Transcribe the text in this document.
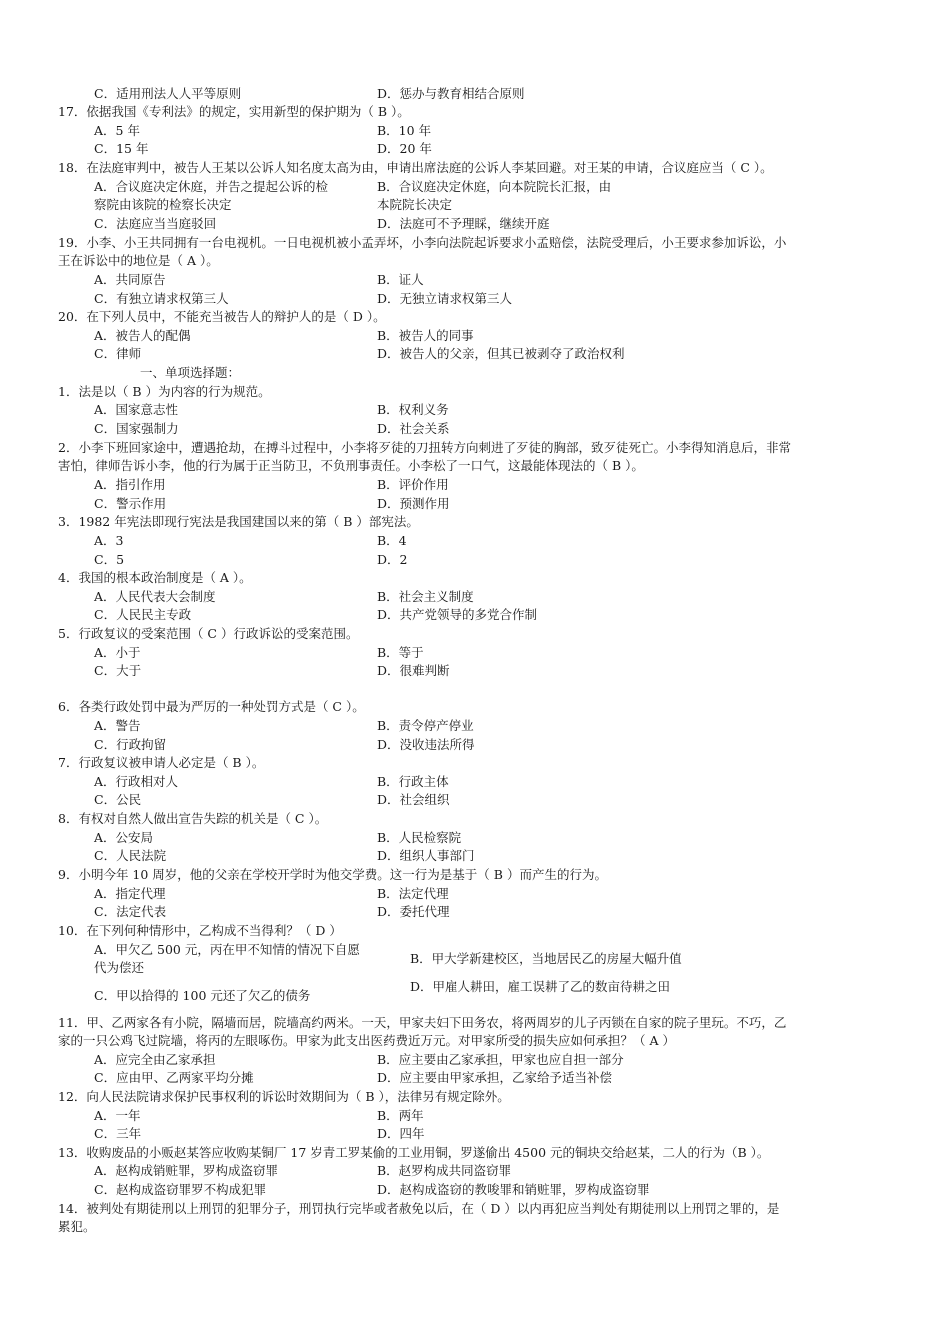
C．适用刑法人人平等原则	D．惩办与教育相结合原则
17．依据我国《专利法》的规定，实用新型的保护期为（ B ）。
A．5 年	B．10 年
C．15 年	D．20 年
18．在法庭审判中，被告人王某以公诉人知名度太高为由，申请出席法庭的公诉人李某回避。对王某的申请，合议庭应当（ C ）。
A．合议庭决定休庭，并告之提起公诉的检	B．合议庭决定休庭，向本院院长汇报，由
察院由该院的检察长决定	本院院长决定
C．法庭应当当庭驳回	D．法庭可不予理睬，继续开庭
19．小李、小王共同拥有一台电视机。一日电视机被小孟弄坏，小李向法院起诉要求小孟赔偿，法院受理后，小王要求参加诉讼，小
王在诉讼中的地位是（ A ）。
A．共同原告	B．证人
C．有独立请求权第三人	D．无独立请求权第三人
20．在下列人员中，不能充当被告人的辩护人的是（ D ）。
A．被告人的配偶	B．被告人的同事
C．律师	D．被告人的父亲，但其已被剥夺了政治权利
一、单项选择题：
1．法是以（ B ）为内容的行为规范。
A．国家意志性	B．权利义务
C．国家强制力	D．社会关系
2．小李下班回家途中，遭遇抢劫，在搏斗过程中，小李将歹徒的刀扭转方向刺进了歹徒的胸部，致歹徒死亡。小李得知消息后，非常
害怕，律师告诉小李，他的行为属于正当防卫，不负刑事责任。小李松了一口气，这最能体现法的（ B ）。
A．指引作用	B．评价作用
C．警示作用	D．预测作用
3．1982 年宪法即现行宪法是我国建国以来的第（ B ）部宪法。
A．3	B．4
C．5	D．2
4．我国的根本政治制度是（ A ）。
A．人民代表大会制度	B．社会主义制度
C．人民民主专政	D．共产党领导的多党合作制
5．行政复议的受案范围（ C ）行政诉讼的受案范围。
A．小于	B．等于
C．大于	D．很难判断
6．各类行政处罚中最为严厉的一种处罚方式是（ C ）。
A．警告	B．责令停产停业
C．行政拘留	D．没收违法所得
7．行政复议被申请人必定是（ B ）。
A．行政相对人	B．行政主体
C．公民	D．社会组织
8．有权对自然人做出宣告失踪的机关是（ C ）。
A．公安局	B．人民检察院
C．人民法院	D．组织人事部门
9．小明今年 10 周岁，他的父亲在学校开学时为他交学费。这一行为是基于（ B ）而产生的行为。
A．指定代理	B．法定代理
C．法定代表	D．委托代理
10．在下列何种情形中，乙构成不当得利？（ D ）
A．甲欠乙 500 元，丙在甲不知情的情况下自愿
代为偿还
B．甲大学新建校区，当地居民乙的房屋大幅升值
C．甲以拾得的 100 元还了欠乙的债务
D．甲雇人耕田，雇工误耕了乙的数亩待耕之田
11．甲、乙两家各有小院，隔墙而居，院墙高约两米。一天，甲家夫妇下田务农，将两周岁的儿子丙锁在自家的院子里玩。不巧，乙
家的一只公鸡飞过院墙，将丙的左眼啄伤。甲家为此支出医药费近万元。对甲家所受的损失应如何承担？（ A ）
A．应完全由乙家承担	B．应主要由乙家承担，甲家也应自担一部分
C．应由甲、乙两家平均分摊	D．应主要由甲家承担，乙家给予适当补偿
12．向人民法院请求保护民事权利的诉讼时效期间为（ B ），法律另有规定除外。
A．一年	B．两年
C．三年	D．四年
13．收购废品的小贩赵某答应收购某铜厂 17 岁青工罗某偷的工业用铜，罗遂偷出 4500 元的铜块交给赵某，二人的行为（B ）。
A．赵构成销赃罪，罗构成盗窃罪	B．赵罗构成共同盗窃罪
C．赵构成盗窃罪罗不构成犯罪	D．赵构成盗窃的教唆罪和销赃罪，罗构成盗窃罪
14．被判处有期徒刑以上刑罚的犯罪分子，刑罚执行完毕或者赦免以后，在（ D ）以内再犯应当判处有期徒刑以上刑罚之罪的，是
累犯。
